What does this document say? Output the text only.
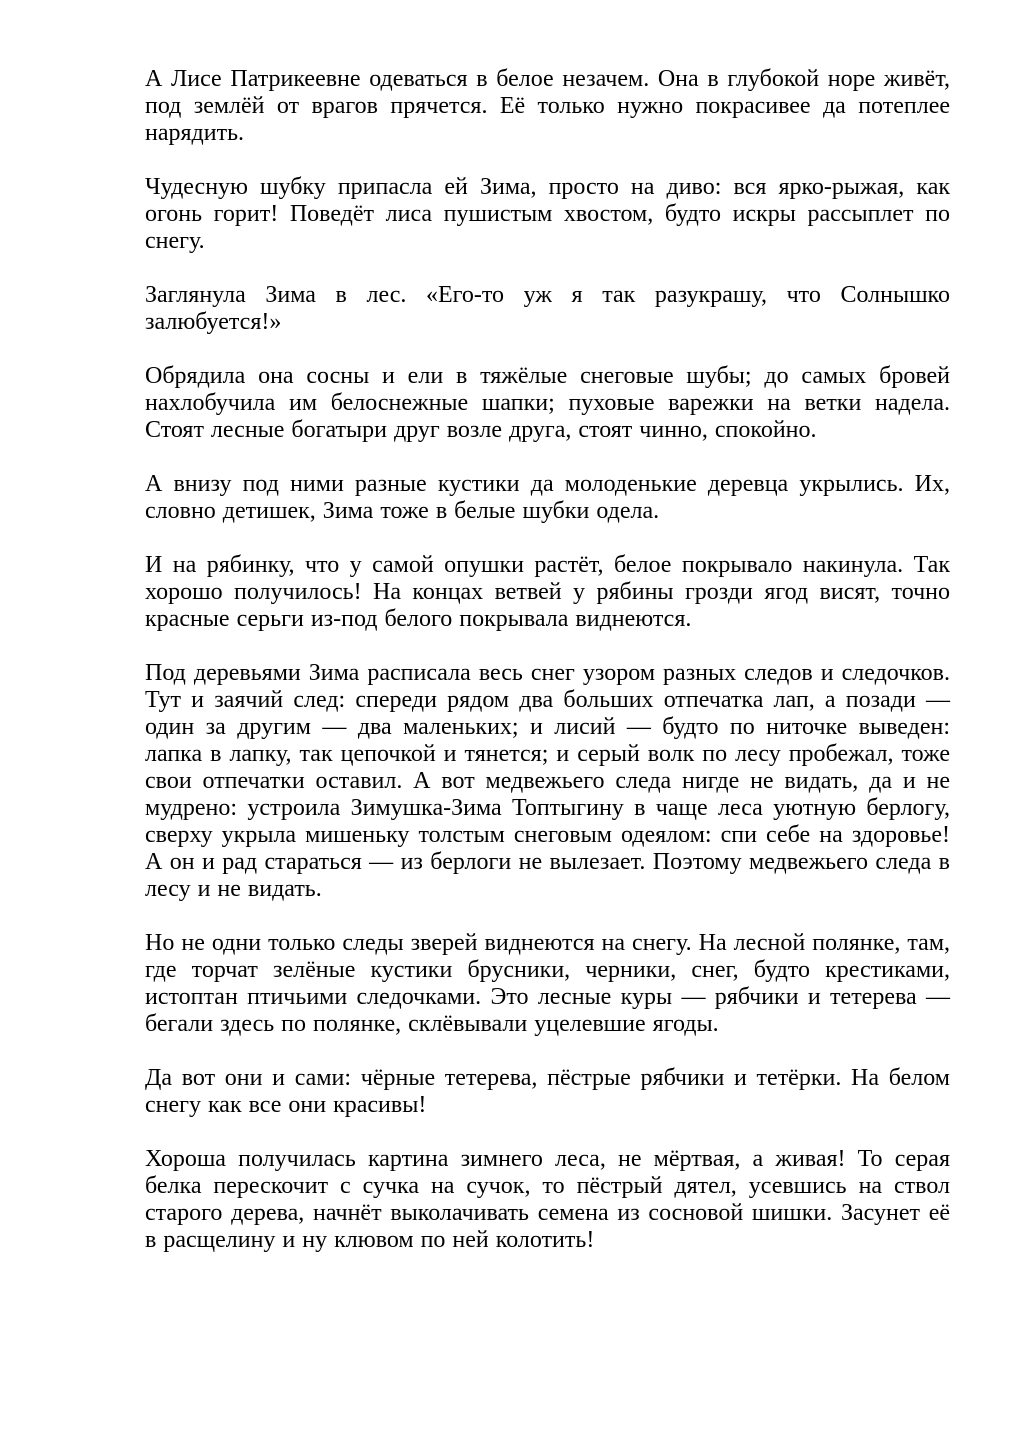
А Лисе Патрикеевне одеваться в белое незачем. Она в глубокой норе живёт, под землёй от врагов прячется. Её только нужно покрасивее да потеплее нарядить.

Чудесную шубку припасла ей Зима, просто на диво: вся ярко-рыжая, как огонь горит! Поведёт лиса пушистым хвостом, будто искры рассыплет по снегу.

Заглянула Зима в лес. «Его-то уж я так разукрашу, что Солнышко залюбуется!»

Обрядила она сосны и ели в тяжёлые снеговые шубы; до самых бровей нахлобучила им белоснежные шапки; пуховые варежки на ветки надела. Стоят лесные богатыри друг возле друга, стоят чинно, спокойно.

А внизу под ними разные кустики да молоденькие деревца укрылись. Их, словно детишек, Зима тоже в белые шубки одела.

И на рябинку, что у самой опушки растёт, белое покрывало накинула. Так хорошо получилось! На концах ветвей у рябины грозди ягод висят, точно красные серьги из-под белого покрывала виднеются.

Под деревьями Зима расписала весь снег узором разных следов и следочков. Тут и заячий след: спереди рядом два больших отпечатка лап, а позади — один за другим — два маленьких; и лисий — будто по ниточке выведен: лапка в лапку, так цепочкой и тянется; и серый волк по лесу пробежал, тоже свои отпечатки оставил. А вот медвежьего следа нигде не видать, да и не мудрено: устроила Зимушка-Зима Топтыгину в чаще леса уютную берлогу, сверху укрыла мишеньку толстым снеговым одеялом: спи себе на здоровье! А он и рад стараться — из берлоги не вылезает. Поэтому медвежьего следа в лесу и не видать.

Но не одни только следы зверей виднеются на снегу. На лесной полянке, там, где торчат зелёные кустики брусники, черники, снег, будто крестиками, истоптан птичьими следочками. Это лесные куры — рябчики и тетерева — бегали здесь по полянке, склёвывали уцелевшие ягоды.

Да вот они и сами: чёрные тетерева, пёстрые рябчики и тетёрки. На белом снегу как все они красивы!

Хороша получилась картина зимнего леса, не мёртвая, а живая! То серая белка перескочит с сучка на сучок, то пёстрый дятел, усевшись на ствол старого дерева, начнёт выколачивать семена из сосновой шишки. Засунет её в расщелину и ну клювом по ней колотить!
